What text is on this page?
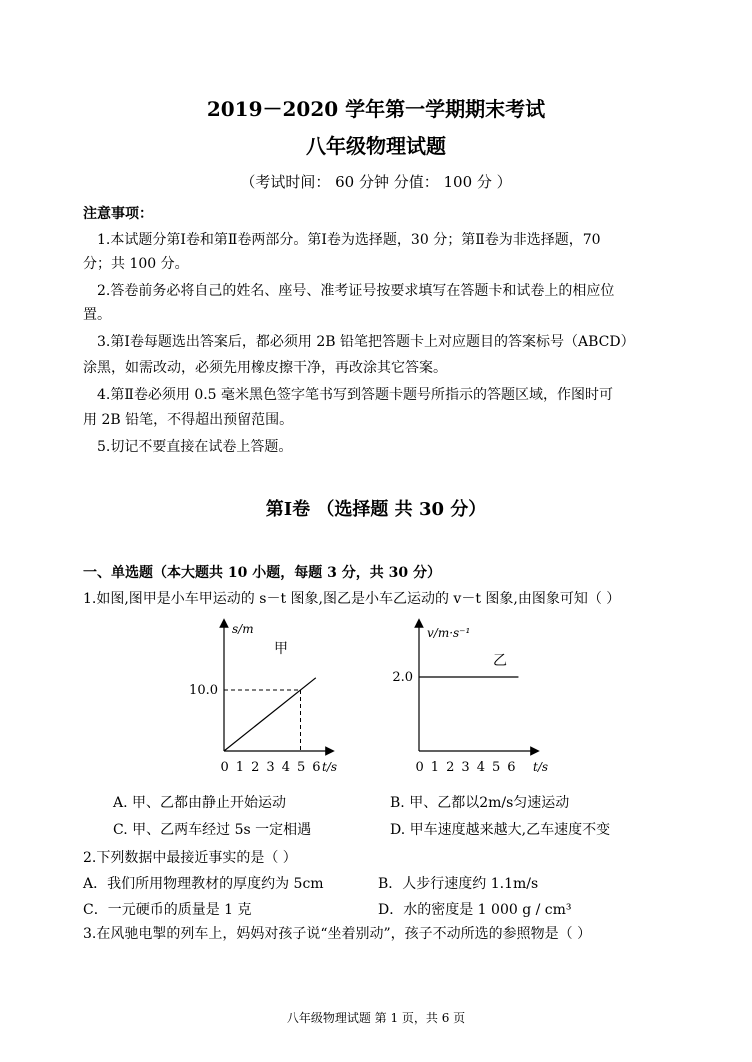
2019－2020 学年第一学期期末考试
八年级物理试题
（考试时间： 60 分钟 分值： 100 分 ）
注意事项：
1.本试题分第Ⅰ卷和第Ⅱ卷两部分。第Ⅰ卷为选择题，30 分；第Ⅱ卷为非选择题，70
分；共 100 分。
2.答卷前务必将自己的姓名、座号、准考证号按要求填写在答题卡和试卷上的相应位
置。
3.第Ⅰ卷每题选出答案后，都必须用 2B 铅笔把答题卡上对应题目的答案标号（ABCD）
涂黑，如需改动，必须先用橡皮擦干净，再改涂其它答案。
4.第Ⅱ卷必须用 0.5 毫米黑色签字笔书写到答题卡题号所指示的答题区域，作图时可
用 2B 铅笔，不得超出预留范围。
5.切记不要直接在试卷上答题。
第Ⅰ卷 （选择题 共 30 分）
一、单选题（本大题共 10 小题，每题 3 分，共 30 分）
1.如图,图甲是小车甲运动的 s－t 图象,图乙是小车乙运动的 v－t 图象,由图象可知（ ）
0 1 2 3 4 5 6
10.0
s/m
甲
t/s	0 1 2 3 4 5 6
2.0
v/m·s⁻¹
乙
t/s
A. 甲、乙都由静止开始运动	B. 甲、乙都以2m/s匀速运动
C. 甲、乙两车经过 5s 一定相遇	D. 甲车速度越来越大,乙车速度不变
2.下列数据中最接近事实的是（ ）
A．我们所用物理教材的厚度约为 5cm	B．人步行速度约 1.1m/s
C．一元硬币的质量是 1 克	D．水的密度是 1 000 g / cm³
3.在风驰电掣的列车上，妈妈对孩子说“坐着别动”，孩子不动所选的参照物是（ ）
八年级物理试题 第 1 页，共 6 页
